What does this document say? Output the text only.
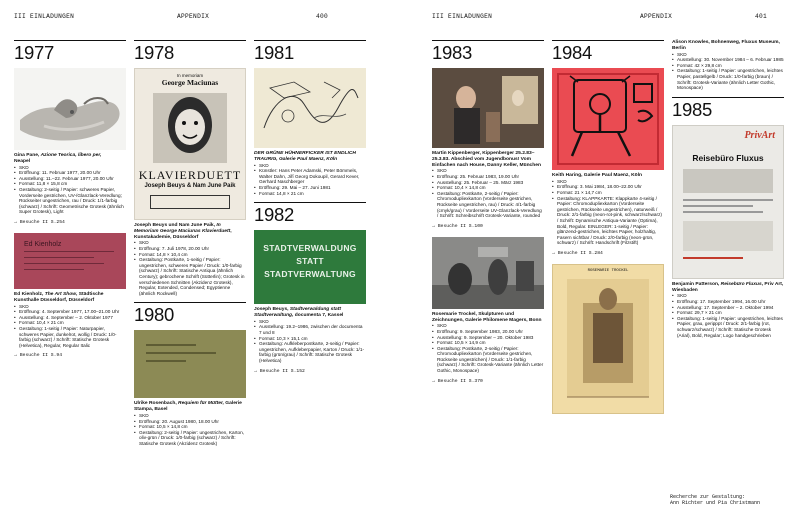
III EINLADUNGEN	APPENDIX	400
1977
Gina Pane, Azione Teorica, libero per,
Neapel
• SKD
• Eröffnung: 11. Februar 1977, 20.00 Uhr
• Ausstellung: 11.–22. Februar 1977, 20.00 Uhr
• Format: 11,8 × 15,8 cm
• Gestaltung: 2-seitig / Papier: schweres Papier, Vorderseite gestrichen, UV-/Glanzlack-Veredlung; Rückseiter ungestrichen, rau / Druck: 1/1-farbig (schwarz) / Schrift: Geometrische Grotesk (ähnlich Super Grotesk), Light
→ Besuche II S.254
Ed Kienholz
Ed Kienholz, The Art Show, Städtische Kunsthalle Düsseldorf, Düsseldorf
• SKD
• Eröffnung: 4. September 1977, 17.00–21.00 Uhr
• Ausstellung: 4. September – 2. Oktober 1977
• Format: 10,4 × 21 cm
• Gestaltung: 1-seitig / Papier: Naturpapier, schweres Papier, dunkelrot, wollig / Druck: 1/0-farbig (schwarz) / Schrift: Statische Grotesk (Helvetica), Regular, Regular Italic
→ Besuche II S.94
1978
In memoriam
George Maciunas
KLAVIERDUETT
Joseph Beuys & Nam June Paik
Joseph Beuys und Nam June Paik, In Memoriam George Maciunas Klavierduett, Kunstakademie, Düsseldorf
• SKD
• Eröffnung: 7. Juli 1978, 20.00 Uhr
• Format: 14,8 × 10,4 cm
• Gestaltung: Postkarte, 1-seitig / Papier: ungestrichen, schweres Papier / Druck: 1/0-farbig (schwarz) / Schrift: Statische Antiqua (ähnlich Century); gebrochene Schrift (Sütterlin); Grotesk in verschiedenen Schnitten (Akzidenz Grotesk), Regular, Extended, Condensed; Egyptienne (ähnlich Rockwell)
1980
Ulrike Rosenbach, Requiem für Mütter, Galerie Stampa, Basel
• SKD
• Eröffnung: 20. August 1980, 18.00 Uhr
• Format: 10,5 × 14,8 cm
• Gestaltung: 2-seitig / Papier: ungestrichen, Karton, oliv-grün / Druck: 1/0-farbig (schwarz) / Schrift: Statische Grotesk (Akzidenz Grotesk)
1981
DER GRÜNE HÜHNERFICKER IST ENDLICH TRAURIG, Galerie Paul Maenz, Köln
• SKD
• Künstler: Hans Peter Adamski, Peter Bömmels, Walter Dahn, Jiří Georg Dokoupil, Gerard Kever, Gerhard Naschberger
• Eröffnung: 29. Mai – 27. Juni 1981
• Format: 14,8 × 21 cm
1982
STADTVERWALDUNG
STATT
STADTVERWALTUNG
Joseph Beuys, Stadtverwaldung statt Stadtverwaltung, documenta 7, Kassel
• SKD
• Ausstellung: 19.2–1986, zwischen der documenta 7 und 8
• Format: 10,3 × 15,1 cm
• Gestaltung: Aufkleberpostkarte, 2-seitig / Papier: ungestrichen, Aufkleberpapier, Karton / Druck: 1/1-farbig (grün/grau) / Schrift: Statische Grotesk (Helvetica)
→ Besuche II S.152
III EINLADUNGEN	APPENDIX	401
1983
Martin Kippenberger, Kippenberger 25.2.83–25.3.83. Abschied vom Jugendbonus! Vom Einfachen nach House, Danny Keller, München
• SKD
• Eröffnung: 25. Februar 1983, 19.00 Uhr
• Ausstellung: 25. Februar – 25. März 1983
• Format: 10,4 × 14,8 cm
• Gestaltung: Postkarte, 2-seitig / Papier: Chromodupliexkarton (Vorderseite gestrichen, Rückseite ungestrichen, rau) / Druck: 4/1-farbig (cmyk/grau) / Vorderseite UV-Glanzlack-Veredlung / Schrift: Schreibschrift Grotesk-Variante, rounded
→ Besuche II S.100
Rosemarie Trockel, Skulpturen und Zeichnungen, Galerie Philomene Magers, Bonn
• SKD
• Eröffnung: 9. September 1983, 20.00 Uhr
• Ausstellung: 9. September – 20. Oktober 1983
• Format: 10,5 × 14,9 cm
• Gestaltung: Postkarte, 2-seitig / Papier: Chromodupliexkarton (Vorderseite gestrichen, Rückseite ungestrichen) / Druck: 1/1-farbig (schwarz) / Schrift: Grotesk-Variante (ähnlich Letter Gothic, Monospace)
→ Besuche II S.370
1984
Keith Haring, Galerie Paul Maenz, Köln
• SKD
• Eröffnung: 3. Mai 1984, 18.00–22.00 Uhr
• Format: 21 × 14,7 cm
• Gestaltung: KLAPPKARTE: Klappkarte 4-seitig / Papier: Chromodupliexkarton (Vorderseite gestrichen, Rückseite ungestrichen), naturweiß / Druck: 2/1-farbig (neon-rot-pink, schwarz/schwarz) / Schrift: Dynamische Antiqua-Variante (Optima), Bold, Regular. EINLEGER: 1-seitig / Papier: glänzend-gestrichen, leichtes Papier, holzhaltig, Fasern sichtbar / Druck: 2/0-farbig (neon-grün, schwarz) / Schrift: Handschrift (Filzstift)
→ Besuche II S.284
ROSEMARIE TROCKEL
Alison Knowles, Bohnenweg, Fluxus Museum, Berlin
• SKD
• Ausstellung: 30. November 1984 – 6. Februar 1985
• Format: 42 × 29,8 cm
• Gestaltung: 1-seitig / Papier: ungestrichen, leichtes Papier, pastellgelb / Druck: 1/0-farbig (braun) / Schrift: Grotesk-Variante (ähnlich Letter Gothic, Monospace)
1985
PrivArt
Reisebüro Fluxus
Benjamin Patterson, Reisebüro Fluxus, Priv Art, Wiesbaden
• SKD
• Eröffnung: 17. September 1994, 16.00 Uhr
• Ausstellung: 17. September – 2. Oktober 1994
• Format: 29,7 × 21 cm
• Gestaltung: 1-seitig / Papier: ungestrichen, leichtes Papier, grau, geripppt / Druck: 2/1-farbig (rot, schwarz/schwarz) / Schrift: Statische Grotesk (Arial), Bold, Regular; Logo handgeschrieben
Recherche zur Gestaltung:
Ann Richter und Pia Christmann
